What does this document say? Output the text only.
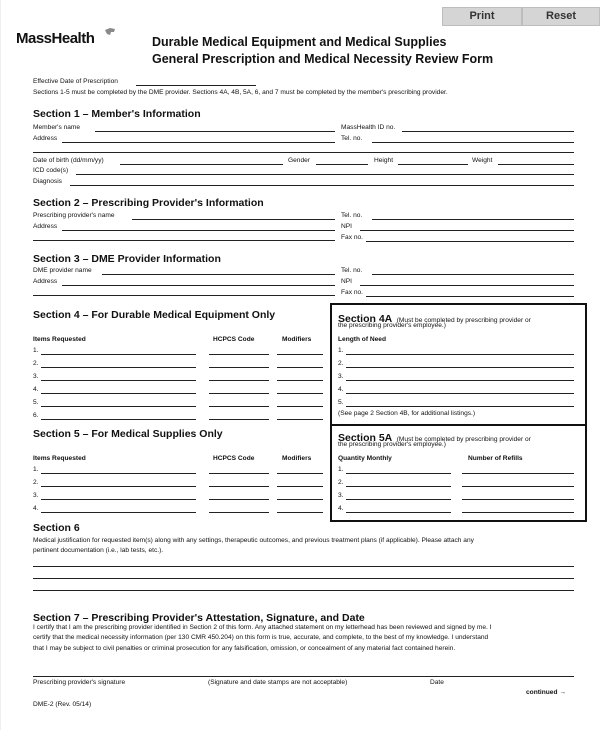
Print	Reset
MassHealth	Durable Medical Equipment and Medical Supplies
General Prescription and Medical Necessity Review Form
Effective Date of Prescription
Sections 1-5 must be completed by the DME provider. Sections 4A, 4B, 5A, 6, and 7 must be completed by the member's prescribing provider.
Section 1 – Member's Information
Member's name	MassHealth ID no.
Address	Tel. no.
Date of birth (dd/mm/yy)	Gender	Height	Weight
ICD code(s)
Diagnosis
Section 2 – Prescribing Provider's Information
Prescribing provider's name	Tel. no.
Address	NPI
Fax no.
Section 3 – DME Provider Information
DME provider name	Tel. no.
Address	NPI
Fax no.
Section 4 – For Durable Medical Equipment Only
Items Requested	HCPCS Code	Modifiers
1.
2.
3.
4.
5.
6.
Section 4A (Must be completed by prescribing provider or
the prescribing provider's employee.)
Length of Need
1.
2.
3.
4.
5.
(See page 2 Section 4B, for additional listings.)
Section 5 – For Medical Supplies Only
Items Requested	HCPCS Code	Modifiers
1.
2.
3.
4.
Section 5A (Must be completed by prescribing provider or
the prescribing provider's employee.)
Quantity Monthly	Number of Refills
1.
2.
3.
4.
Section 6
Medical justification for requested item(s) along with any settings, therapeutic outcomes, and previous treatment plans (if applicable). Please attach any
pertinent documentation (i.e., lab tests, etc.).
Section 7 – Prescribing Provider's Attestation, Signature, and Date
I certify that I am the prescribing provider identified in Section 2 of this form. Any attached statement on my letterhead has been reviewed and signed by me. I
certify that the medical necessity information (per 130 CMR 450.204) on this form is true, accurate, and complete, to the best of my knowledge. I understand
that I may be subject to civil penalties or criminal prosecution for any falsification, omission, or concealment of any material fact contained herein.
Prescribing provider's signature	(Signature and date stamps are not acceptable)	Date
continued →
DME-2 (Rev. 05/14)
